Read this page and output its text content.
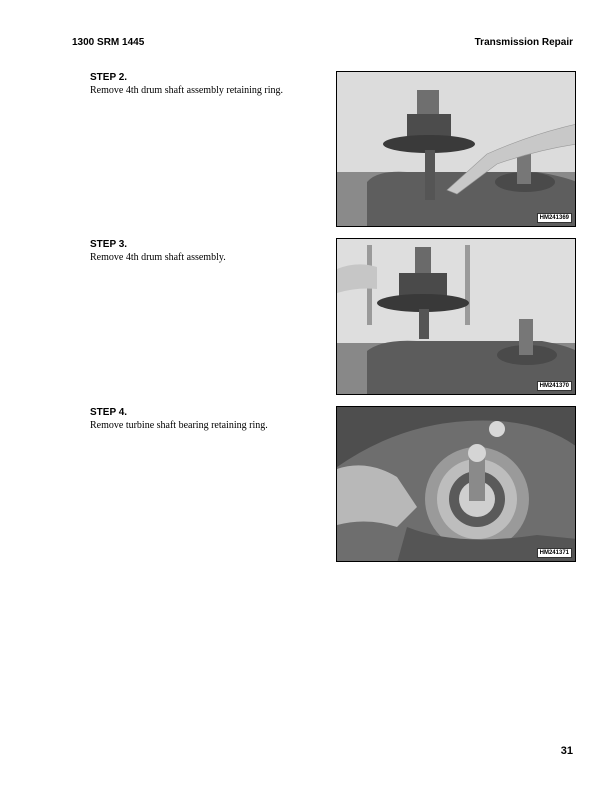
1300 SRM 1445	Transmission Repair
STEP 2.

Remove 4th drum shaft assembly retaining ring.

HM241369
STEP 3.

Remove 4th drum shaft assembly.

HM241370
STEP 4.

Remove turbine shaft bearing retaining ring.

HM241371
31
